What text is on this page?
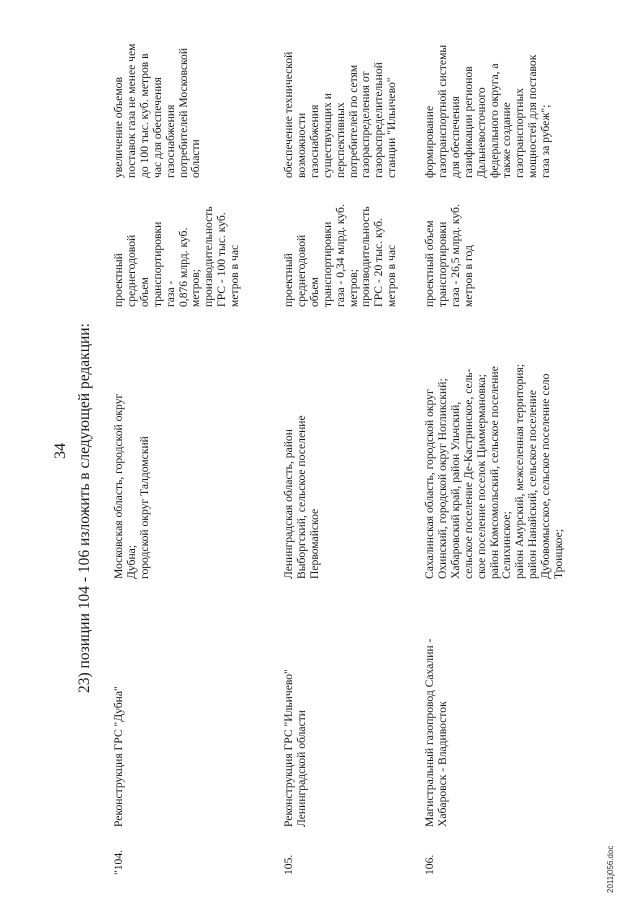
34 23) позиции 104 - 106 изложить в следующей редакции:
"104.
Реконструкция ГРС "Дубна"
Московская область, городской округ Дубна; городской округ Талдомский
проектный среднегодовой объем транспортировки газа - 0,876 млрд. куб. метров; производительность ГРС - 100 тыс. куб. метров в час
увеличение объемов поставок газа не менее чем до 100 тыс. куб. метров в час для обеспечения газоснабжения потребителей Московской области
105.
Реконструкция ГРС "Ильичево" Ленинградской области
Ленинградская область, район Выборгский, сельское поселение Первомайское
проектный среднегодовой объем транспортировки газа - 0,34 млрд. куб. метров; производительность ГРС - 20 тыс. куб. метров в час
обеспечение технической возможности газоснабжения существующих и перспективных потребителей по сетям газораспределения от газораспределительной станции "Ильичево"
106.
Магистральный газопровод Сахалин - Хабаровск - Владивосток
Сахалинская область, городской округ Охинский, городской округ Ногликский; Хабаровский край, район Ульчский, сельское поселение Де-Кастринское, сель- ское поселение поселок Циммермановка; район Комсомольский, сельское поселение Селихинское; район Амурский, межселенная территория; район Нанайский, сельское поселение Дубовомысское, сельское поселение село Троицкое;
проектный объем транспортировки газа - 26,5 млрд. куб. метров в год
формирование газотранспортной системы для обеспечения газификации регионов Дальневосточного федерального округа, а также создание газотранспортных мощностей для поставок газа за рубеж";
2011j056.doc
